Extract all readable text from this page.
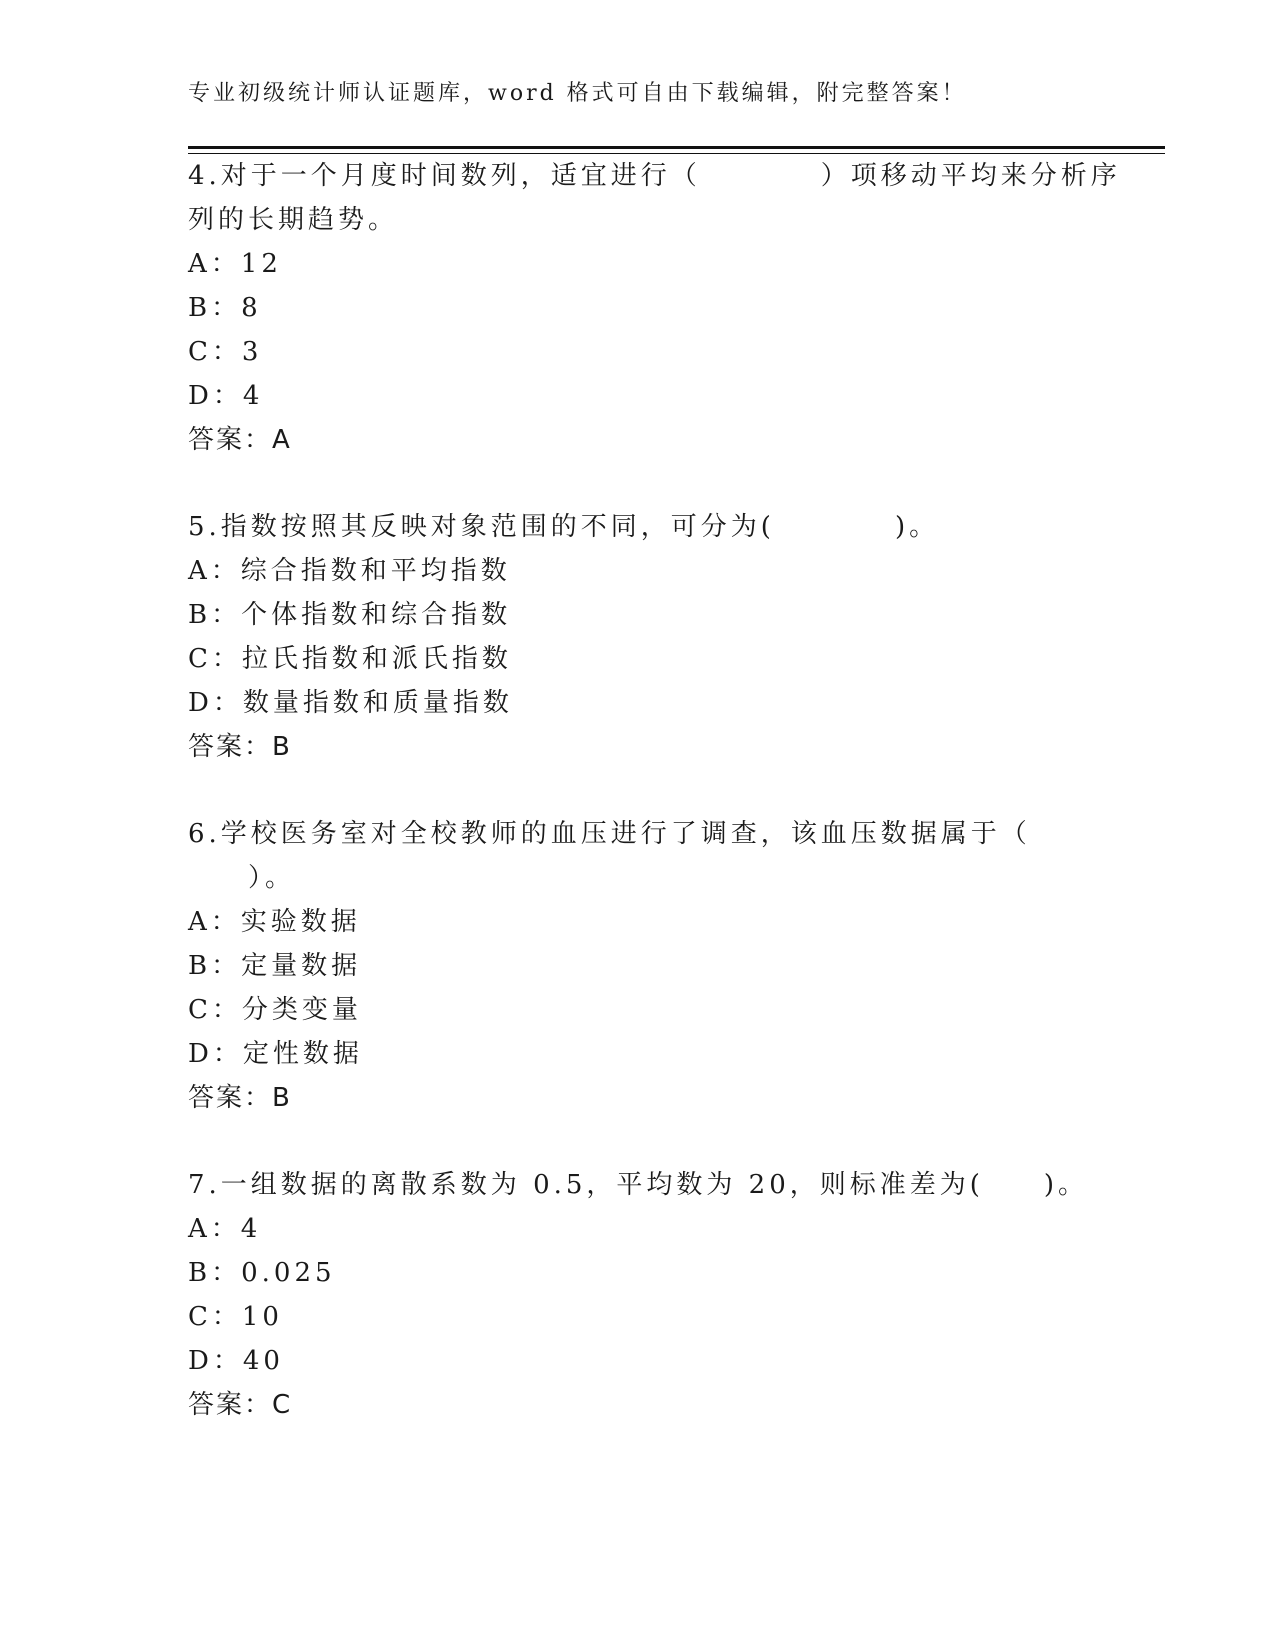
专业初级统计师认证题库，word 格式可自由下载编辑，附完整答案！
4.对于一个月度时间数列，适宜进行（　　　　）项移动平均来分析序
列的长期趋势。
A：12
B：8
C：3
D：4
答案：A
5.指数按照其反映对象范围的不同，可分为(　　　　)。
A：综合指数和平均指数
B：个体指数和综合指数
C：拉氏指数和派氏指数
D：数量指数和质量指数
答案：B
6.学校医务室对全校教师的血压进行了调查，该血压数据属于（
　　）。
A：实验数据
B：定量数据
C：分类变量
D：定性数据
答案：B
7.一组数据的离散系数为 0.5，平均数为 20，则标准差为(　　)。
A：4
B：0.025
C：10
D：40
答案：C
